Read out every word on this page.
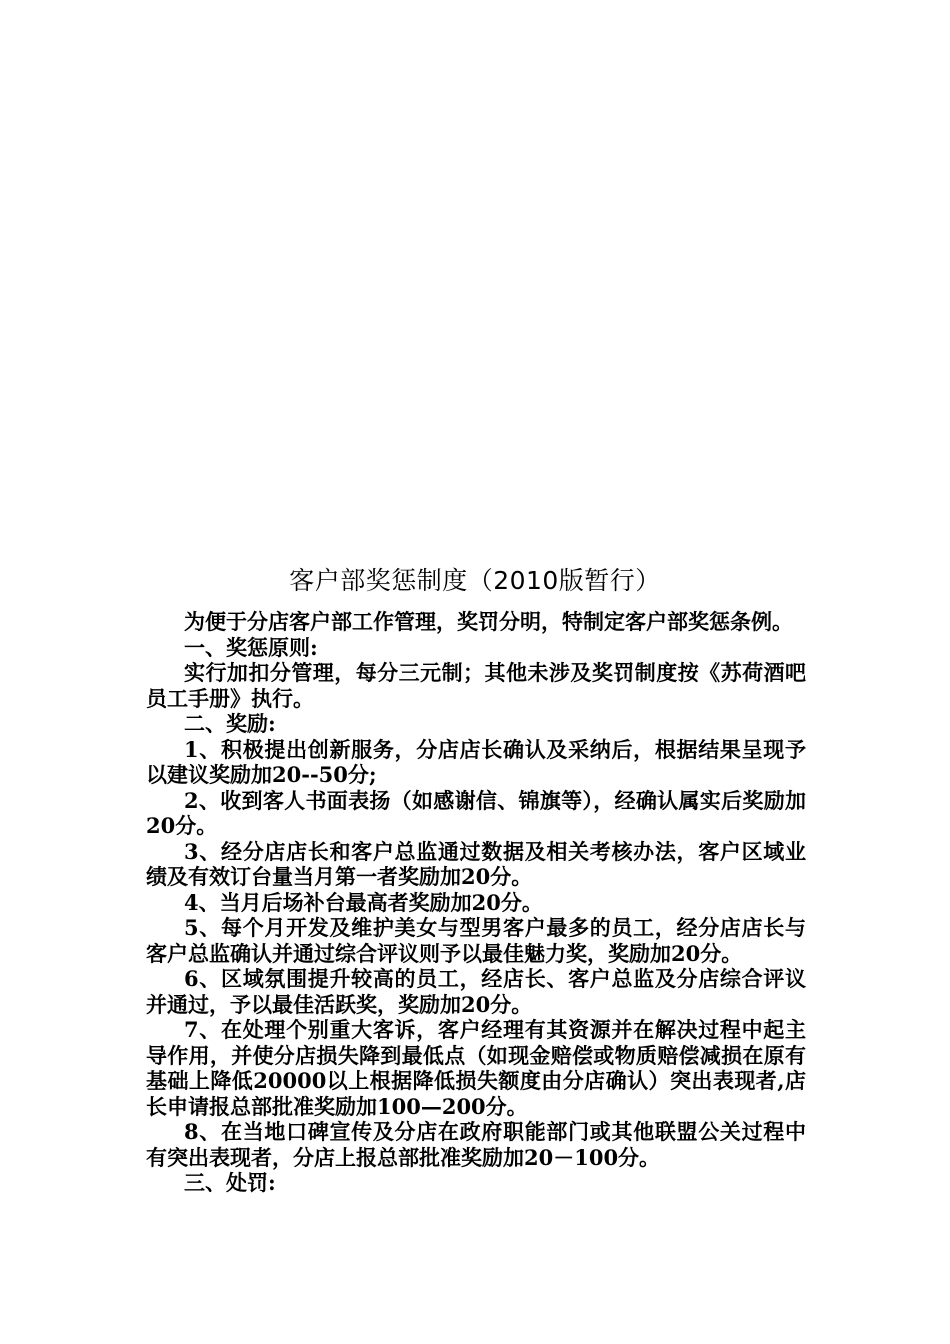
客户部奖惩制度（2010版暂行）

为便于分店客户部工作管理，奖罚分明，特制定客户部奖惩条例。

一、奖惩原则:

实行加扣分管理，每分三元制；其他未涉及奖罚制度按《苏荷酒吧员工手册》执行。

二、奖励:

1、积极提出创新服务，分店店长确认及采纳后，根据结果呈现予以建议奖励加20--50分;

2、收到客人书面表扬（如感谢信、锦旗等），经确认属实后奖励加20分。

3、经分店店长和客户总监通过数据及相关考核办法，客户区域业绩及有效订台量当月第一者奖励加20分。

4、当月后场补台最高者奖励加20分。

5、每个月开发及维护美女与型男客户最多的员工，经分店店长与客户总监确认并通过综合评议则予以最佳魅力奖，奖励加20分。

6、区域氛围提升较高的员工，经店长、客户总监及分店综合评议并通过，予以最佳活跃奖，奖励加20分。

7、在处理个别重大客诉，客户经理有其资源并在解决过程中起主导作用，并使分店损失降到最低点（如现金赔偿或物质赔偿减损在原有基础上降低20000以上根据降低损失额度由分店确认）突出表现者,店长申请报总部批准奖励加100—200分。

8、在当地口碑宣传及分店在政府职能部门或其他联盟公关过程中有突出表现者，分店上报总部批准奖励加20－100分。

三、处罚:
